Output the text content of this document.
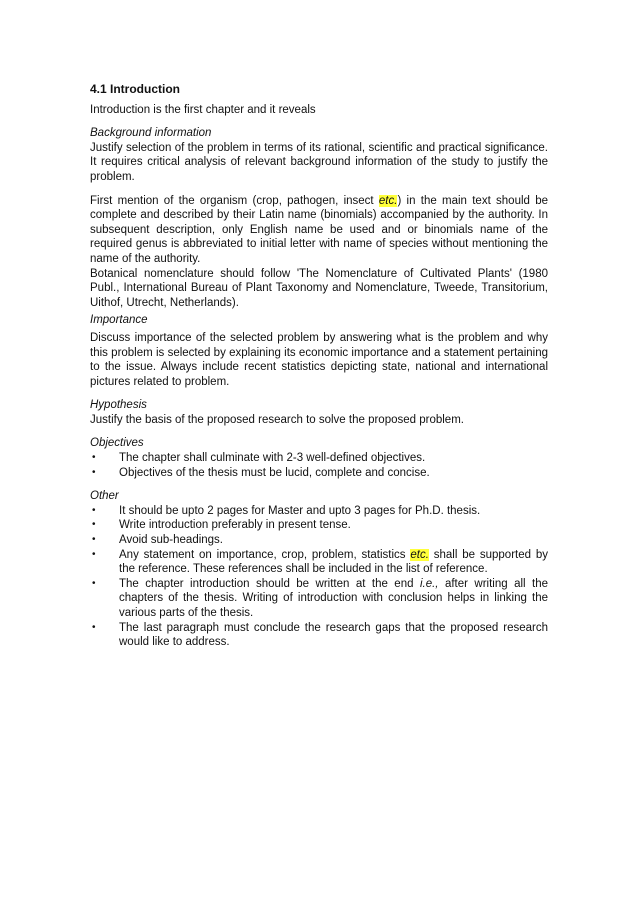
4.1 Introduction

Introduction is the first chapter and it reveals

Background information

Justify selection of the problem in terms of its rational, scientific and practical significance. It requires critical analysis of relevant background information of the study to justify the problem.

First mention of the organism (crop, pathogen, insect etc.) in the main text should be complete and described by their Latin name (binomials) accompanied by the authority. In subsequent description, only English name be used and or binomials name of the required genus is abbreviated to initial letter with name of species without mentioning the name of the authority.

Botanical nomenclature should follow 'The Nomenclature of Cultivated Plants' (1980 Publ., International Bureau of Plant Taxonomy and Nomenclature, Tweede, Transitorium, Uithof, Utrecht, Netherlands).

Importance

Discuss importance of the selected problem by answering what is the problem and why this problem is selected by explaining its economic importance and a statement pertaining to the issue. Always include recent statistics depicting state, national and international pictures related to problem.

Hypothesis

Justify the basis of the proposed research to solve the proposed problem.

Objectives

• The chapter shall culminate with 2-3 well-defined objectives.
• Objectives of the thesis must be lucid, complete and concise.

Other

• It should be upto 2 pages for Master and upto 3 pages for Ph.D. thesis.
• Write introduction preferably in present tense.
• Avoid sub-headings.
• Any statement on importance, crop, problem, statistics etc. shall be supported by the reference. These references shall be included in the list of reference.
• The chapter introduction should be written at the end i.e., after writing all the chapters of the thesis. Writing of introduction with conclusion helps in linking the various parts of the thesis.
• The last paragraph must conclude the research gaps that the proposed research would like to address.
